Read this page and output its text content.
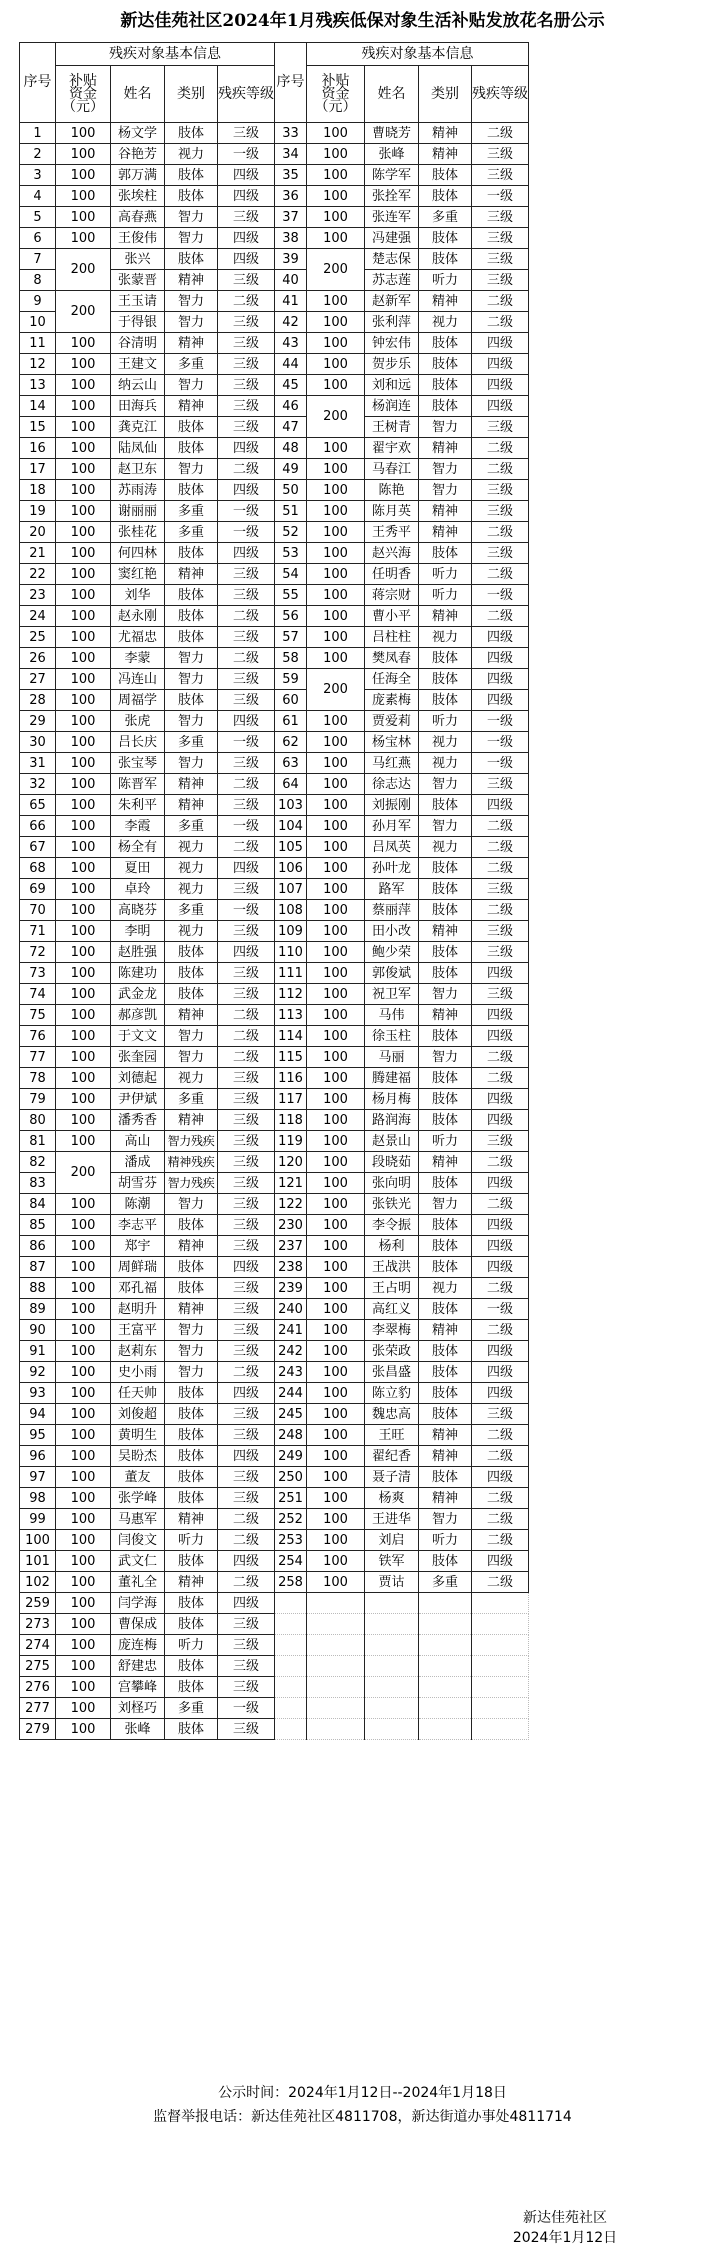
新达佳苑社区2024年1月残疾低保对象生活补贴发放花名册公示
序号	残疾对象基本信息				序号	残疾对象基本信息			
	补贴
资金
（元）	姓名	类别	残疾等级		补贴
资金
（元）	姓名	类别	残疾等级
1	100	杨文学	肢体	三级	33	100	曹晓芳	精神	二级
2	100	谷艳芳	视力	一级	34	100	张峰	精神	三级
3	100	郭万满	肢体	四级	35	100	陈学军	肢体	三级
4	100	张埃柱	肢体	四级	36	100	张拴军	肢体	一级
5	100	高春燕	智力	三级	37	100	张连军	多重	三级
6	100	王俊伟	智力	四级	38	100	冯建强	肢体	三级
7	200	张兴	肢体	四级	39	200	楚志保	肢体	三级
8		张蒙晋	精神	三级	40		苏志莲	听力	三级
9	200	王玉请	智力	二级	41	100	赵新军	精神	二级
10		于得银	智力	三级	42	100	张利萍	视力	二级
11	100	谷清明	精神	三级	43	100	钟宏伟	肢体	四级
12	100	王建文	多重	三级	44	100	贺步乐	肢体	四级
13	100	纳云山	智力	三级	45	100	刘和远	肢体	四级
14	100	田海兵	精神	三级	46	200	杨润连	肢体	四级
15	100	龚克江	肢体	三级	47		王树青	智力	三级
16	100	陆凤仙	肢体	四级	48	100	翟宇欢	精神	二级
17	100	赵卫东	智力	二级	49	100	马春江	智力	二级
18	100	苏雨涛	肢体	四级	50	100	陈艳	智力	三级
19	100	谢丽丽	多重	一级	51	100	陈月英	精神	三级
20	100	张桂花	多重	一级	52	100	王秀平	精神	二级
21	100	何四林	肢体	四级	53	100	赵兴海	肢体	三级
22	100	窦红艳	精神	三级	54	100	任明香	听力	二级
23	100	刘华	肢体	三级	55	100	蒋宗财	听力	一级
24	100	赵永刚	肢体	二级	56	100	曹小平	精神	二级
25	100	尤福忠	肢体	三级	57	100	吕柱柱	视力	四级
26	100	李蒙	智力	二级	58	100	樊凤春	肢体	四级
27	100	冯连山	智力	三级	59	200	任海全	肢体	四级
28	100	周福学	肢体	三级	60		庞素梅	肢体	四级
29	100	张虎	智力	四级	61	100	贾爱莉	听力	一级
30	100	吕长庆	多重	一级	62	100	杨宝林	视力	一级
31	100	张宝琴	智力	三级	63	100	马红燕	视力	一级
32	100	陈晋军	精神	二级	64	100	徐志达	智力	三级
65	100	朱利平	精神	三级	103	100	刘振刚	肢体	四级
66	100	李霞	多重	一级	104	100	孙月军	智力	二级
67	100	杨全有	视力	二级	105	100	吕凤英	视力	二级
68	100	夏田	视力	四级	106	100	孙叶龙	肢体	二级
69	100	卓玲	视力	三级	107	100	路军	肢体	三级
70	100	高晓芬	多重	一级	108	100	蔡丽萍	肢体	二级
71	100	李明	视力	三级	109	100	田小改	精神	三级
72	100	赵胜强	肢体	四级	110	100	鲍少荣	肢体	三级
73	100	陈建功	肢体	三级	111	100	郭俊斌	肢体	四级
74	100	武金龙	肢体	三级	112	100	祝卫军	智力	三级
75	100	郝彦凯	精神	二级	113	100	马伟	精神	四级
76	100	于文文	智力	二级	114	100	徐玉柱	肢体	四级
77	100	张奎园	智力	二级	115	100	马丽	智力	二级
78	100	刘德起	视力	三级	116	100	腾建福	肢体	二级
79	100	尹伊斌	多重	三级	117	100	杨月梅	肢体	四级
80	100	潘秀香	精神	三级	118	100	路润海	肢体	四级
81	100	高山	智力残疾	三级	119	100	赵景山	听力	三级
82	200	潘成	精神残疾	三级	120	100	段晓茹	精神	二级
83		胡雪芬	智力残疾	三级	121	100	张向明	肢体	四级
84	100	陈潮	智力	三级	122	100	张铁光	智力	二级
85	100	李志平	肢体	三级	230	100	李令振	肢体	四级
86	100	郑宇	精神	三级	237	100	杨利	肢体	四级
87	100	周鲜瑞	肢体	四级	238	100	王战洪	肢体	四级
88	100	邓孔福	肢体	三级	239	100	王占明	视力	二级
89	100	赵明升	精神	三级	240	100	高红义	肢体	一级
90	100	王富平	智力	三级	241	100	李翠梅	精神	二级
91	100	赵莉东	智力	三级	242	100	张荣政	肢体	四级
92	100	史小雨	智力	二级	243	100	张昌盛	肢体	四级
93	100	任天帅	肢体	四级	244	100	陈立豹	肢体	四级
94	100	刘俊超	肢体	三级	245	100	魏忠高	肢体	三级
95	100	黄明生	肢体	三级	248	100	王旺	精神	二级
96	100	吴盼杰	肢体	四级	249	100	翟纪香	精神	二级
97	100	董友	肢体	三级	250	100	聂子清	肢体	四级
98	100	张学峰	肢体	三级	251	100	杨爽	精神	二级
99	100	马惠军	精神	二级	252	100	王进华	智力	二级
100	100	闫俊文	听力	二级	253	100	刘启	听力	二级
101	100	武文仁	肢体	四级	254	100	铁军	肢体	四级
102	100	董礼全	精神	二级	258	100	贾诂	多重	二级
259	100	闫学海	肢体	四级					
273	100	曹保成	肢体	三级					
274	100	庞连梅	听力	三级					
275	100	舒建忠	肢体	三级					
276	100	宫攀峰	肢体	三级					
277	100	刘柽巧	多重	一级					
279	100	张峰	肢体	三级					
公示时间：2024年1月12日--2024年1月18日
监督举报电话：新达佳苑社区4811708，新达街道办事处4811714
新达佳苑社区
2024年1月12日
